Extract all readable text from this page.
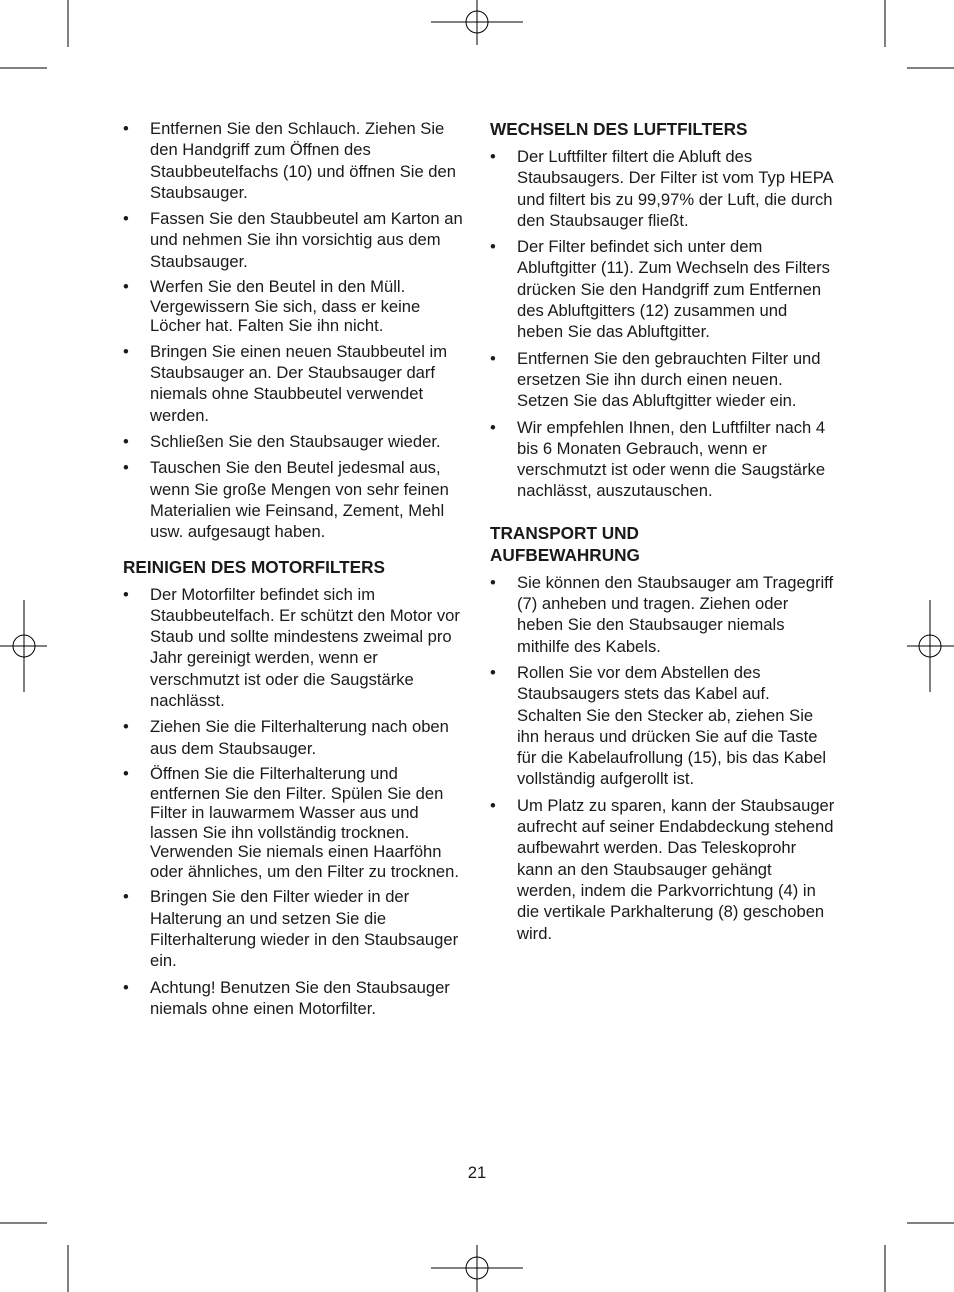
• Entfernen Sie den Schlauch. Ziehen Sie den Handgriff zum Öffnen des Staubbeutelfachs (10) und öffnen Sie den Staubsauger.
• Fassen Sie den Staubbeutel am Karton an und nehmen Sie ihn vorsichtig aus dem Staubsauger.
• Werfen Sie den Beutel in den Müll. Vergewissern Sie sich, dass er keine Löcher hat. Falten Sie ihn nicht.
• Bringen Sie einen neuen Staubbeutel im Staubsauger an. Der Staubsauger darf niemals ohne Staubbeutel verwendet werden.
• Schließen Sie den Staubsauger wieder.
• Tauschen Sie den Beutel jedesmal aus, wenn Sie große Mengen von sehr feinen Materialien wie Feinsand, Zement, Mehl usw. aufgesaugt haben.
REINIGEN DES MOTORFILTERS
• Der Motorfilter befindet sich im Staubbeutelfach. Er schützt den Motor vor Staub und sollte mindestens zweimal pro Jahr gereinigt werden, wenn er verschmutzt ist oder die Saugstärke nachlässt.
• Ziehen Sie die Filterhalterung nach oben aus dem Staubsauger.
• Öffnen Sie die Filterhalterung und entfernen Sie den Filter. Spülen Sie den Filter in lauwarmem Wasser aus und lassen Sie ihn vollständig trocknen. Verwenden Sie niemals einen Haarföhn oder ähnliches, um den Filter zu trocknen.
• Bringen Sie den Filter wieder in der Halterung an und setzen Sie die Filterhalterung wieder in den Staubsauger ein.
• Achtung! Benutzen Sie den Staubsauger niemals ohne einen Motorfilter.
WECHSELN DES LUFTFILTERS
• Der Luftfilter filtert die Abluft des Staubsaugers. Der Filter ist vom Typ HEPA und filtert bis zu 99,97% der Luft, die durch den Staubsauger fließt.
• Der Filter befindet sich unter dem Abluftgitter (11). Zum Wechseln des Filters drücken Sie den Handgriff zum Entfernen des Abluftgitters (12) zusammen und heben Sie das Abluftgitter.
• Entfernen Sie den gebrauchten Filter und ersetzen Sie ihn durch einen neuen. Setzen Sie das Abluftgitter wieder ein.
• Wir empfehlen Ihnen, den Luftfilter nach 4 bis 6 Monaten Gebrauch, wenn er verschmutzt ist oder wenn die Saugstärke nachlässt, auszutauschen.
TRANSPORT UND
AUFBEWAHRUNG
• Sie können den Staubsauger am Tragegriff (7) anheben und tragen. Ziehen oder heben Sie den Staubsauger niemals mithilfe des Kabels.
• Rollen Sie vor dem Abstellen des Staubsaugers stets das Kabel auf. Schalten Sie den Stecker ab, ziehen Sie ihn heraus und drücken Sie auf die Taste für die Kabelaufrollung (15), bis das Kabel vollständig aufgerollt ist.
• Um Platz zu sparen, kann der Staubsauger aufrecht auf seiner Endabdeckung stehend aufbewahrt werden. Das Teleskoprohr kann an den Staubsauger gehängt werden, indem die Parkvorrichtung (4) in die vertikale Parkhalterung (8) geschoben wird.
21
